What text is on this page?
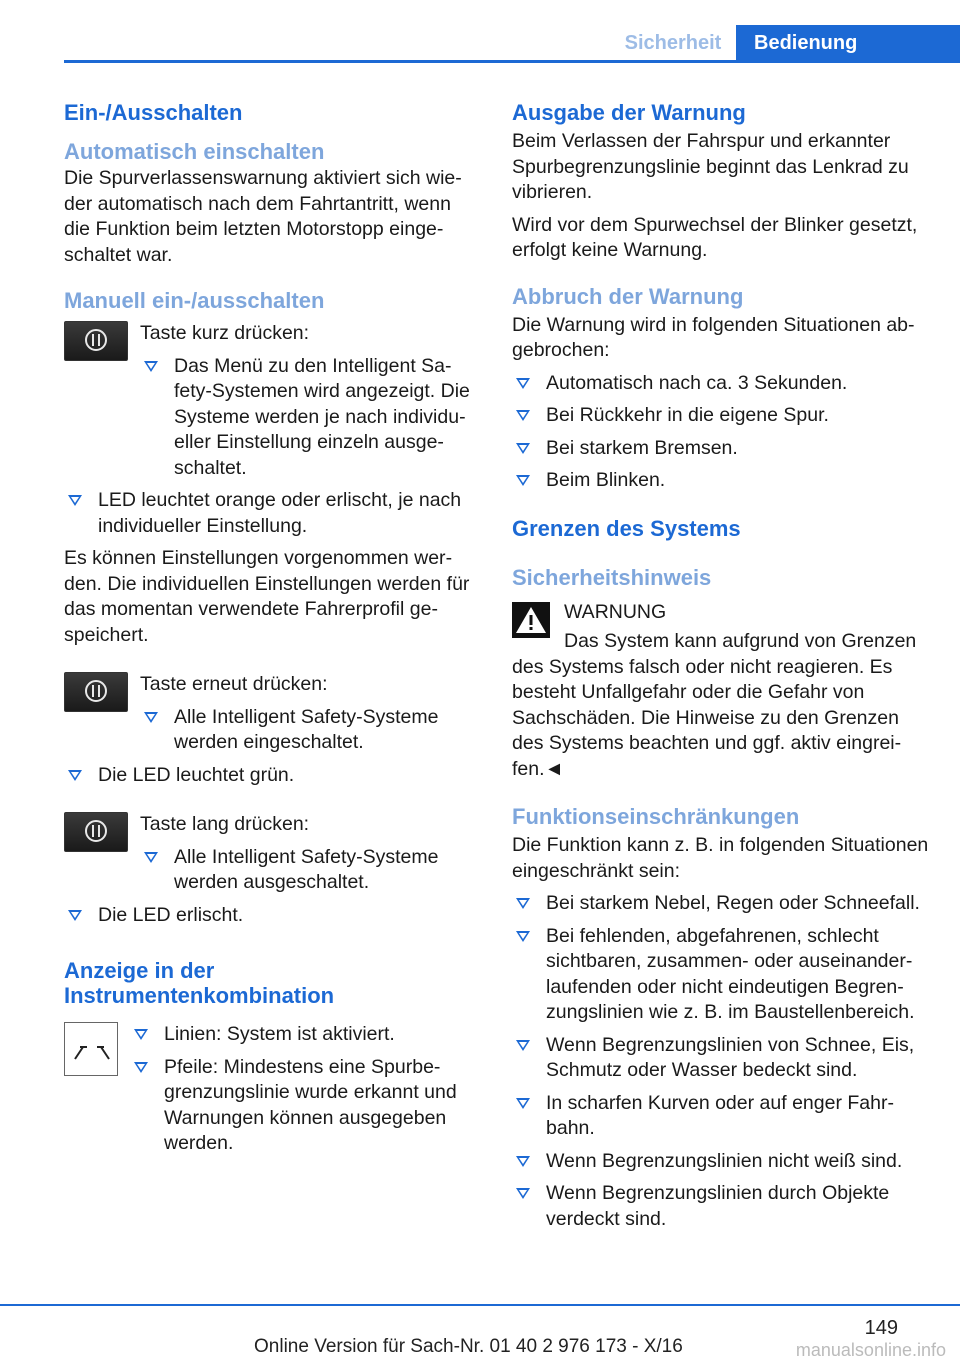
Sicherheit	Bedienung
Ein-/Ausschalten
Automatisch einschalten
Die Spurverlassenswarnung aktiviert sich wieder automatisch nach dem Fahrtantritt, wenn die Funktion beim letzten Motorstopp eingeschaltet war.
Manuell ein-/ausschalten
Taste kurz drücken:
Das Menü zu den Intelligent Safety-Systemen wird angezeigt. Die Systeme werden je nach individueller Einstellung einzeln ausgeschaltet.
LED leuchtet orange oder erlischt, je nach individueller Einstellung.
Es können Einstellungen vorgenommen werden. Die individuellen Einstellungen werden für das momentan verwendete Fahrerprofil gespeichert.
Taste erneut drücken:
Alle Intelligent Safety-Systeme werden eingeschaltet.
Die LED leuchtet grün.
Taste lang drücken:
Alle Intelligent Safety-Systeme werden ausgeschaltet.
Die LED erlischt.
Anzeige in der Instrumentenkombination
Linien: System ist aktiviert.
Pfeile: Mindestens eine Spurbegrenzungslinie wurde erkannt und Warnungen können ausgegeben werden.
Ausgabe der Warnung
Beim Verlassen der Fahrspur und erkannter Spurbegrenzungslinie beginnt das Lenkrad zu vibrieren.
Wird vor dem Spurwechsel der Blinker gesetzt, erfolgt keine Warnung.
Abbruch der Warnung
Die Warnung wird in folgenden Situationen abgebrochen:
Automatisch nach ca. 3 Sekunden.
Bei Rückkehr in die eigene Spur.
Bei starkem Bremsen.
Beim Blinken.
Grenzen des Systems
Sicherheitshinweis
WARNUNG
Das System kann aufgrund von Grenzen des Systems falsch oder nicht reagieren. Es besteht Unfallgefahr oder die Gefahr von Sachschäden. Die Hinweise zu den Grenzen des Systems beachten und ggf. aktiv eingreifen.◄
Funktionseinschränkungen
Die Funktion kann z. B. in folgenden Situationen eingeschränkt sein:
Bei starkem Nebel, Regen oder Schneefall.
Bei fehlenden, abgefahrenen, schlecht sichtbaren, zusammen- oder auseinanderlaufenden oder nicht eindeutigen Begrenzungslinien wie z. B. im Baustellenbereich.
Wenn Begrenzungslinien von Schnee, Eis, Schmutz oder Wasser bedeckt sind.
In scharfen Kurven oder auf enger Fahrbahn.
Wenn Begrenzungslinien nicht weiß sind.
Wenn Begrenzungslinien durch Objekte verdeckt sind.
149
Online Version für Sach-Nr. 01 40 2 976 173 - X/16	manualsonline.info
